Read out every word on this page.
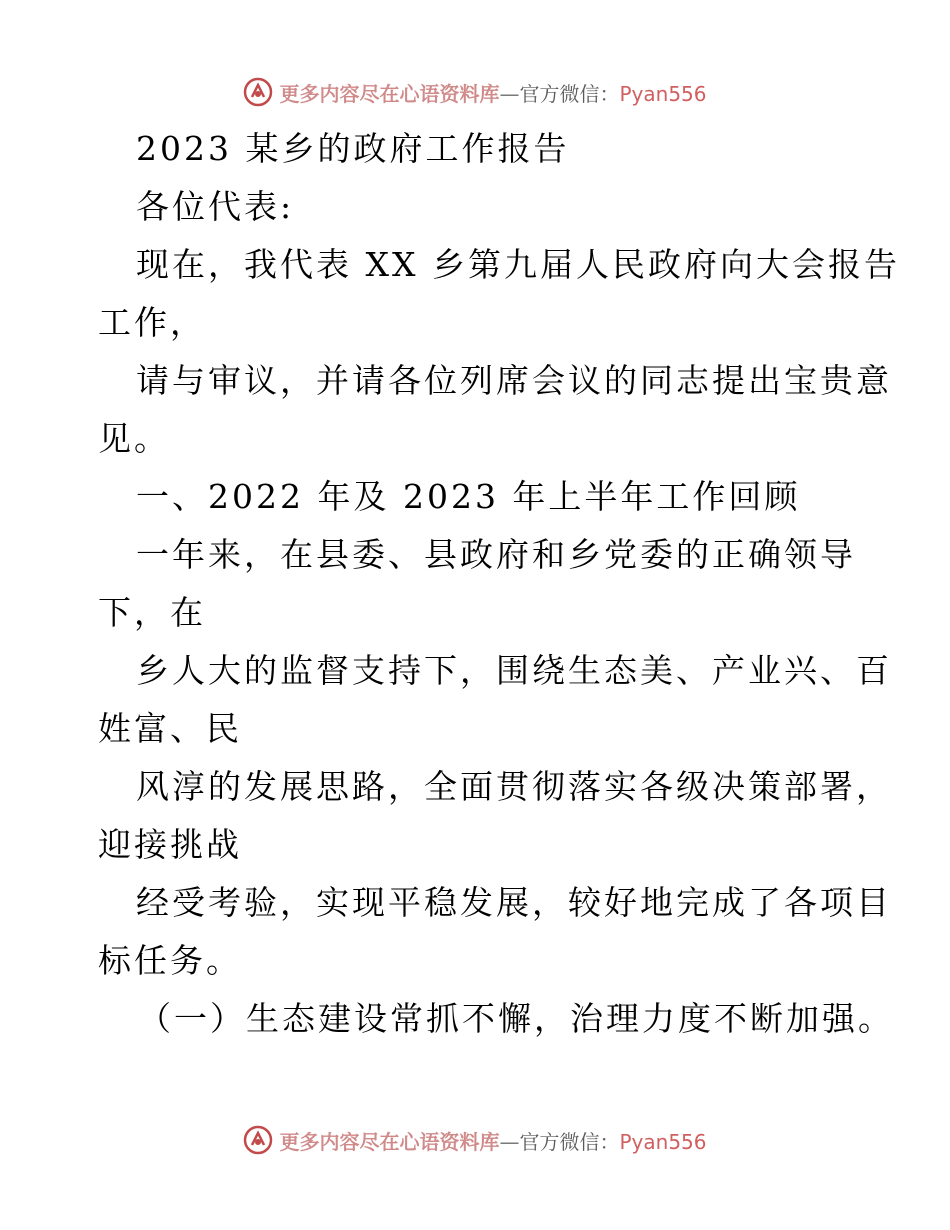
更多内容尽在心语资料库—官方微信：Pyan556
2023 某乡的政府工作报告
各位代表:
现在，我代表 XX 乡第九届人民政府向大会报告
工作，
请与审议，并请各位列席会议的同志提出宝贵意
见。
一、2022 年及 2023 年上半年工作回顾
一年来，在县委、县政府和乡党委的正确领导
下，在
乡人大的监督支持下，围绕生态美、产业兴、百
姓富、民
风淳的发展思路，全面贯彻落实各级决策部署，
迎接挑战
经受考验，实现平稳发展，较好地完成了各项目
标任务。
（一）生态建设常抓不懈，治理力度不断加强。
更多内容尽在心语资料库—官方微信：Pyan556
